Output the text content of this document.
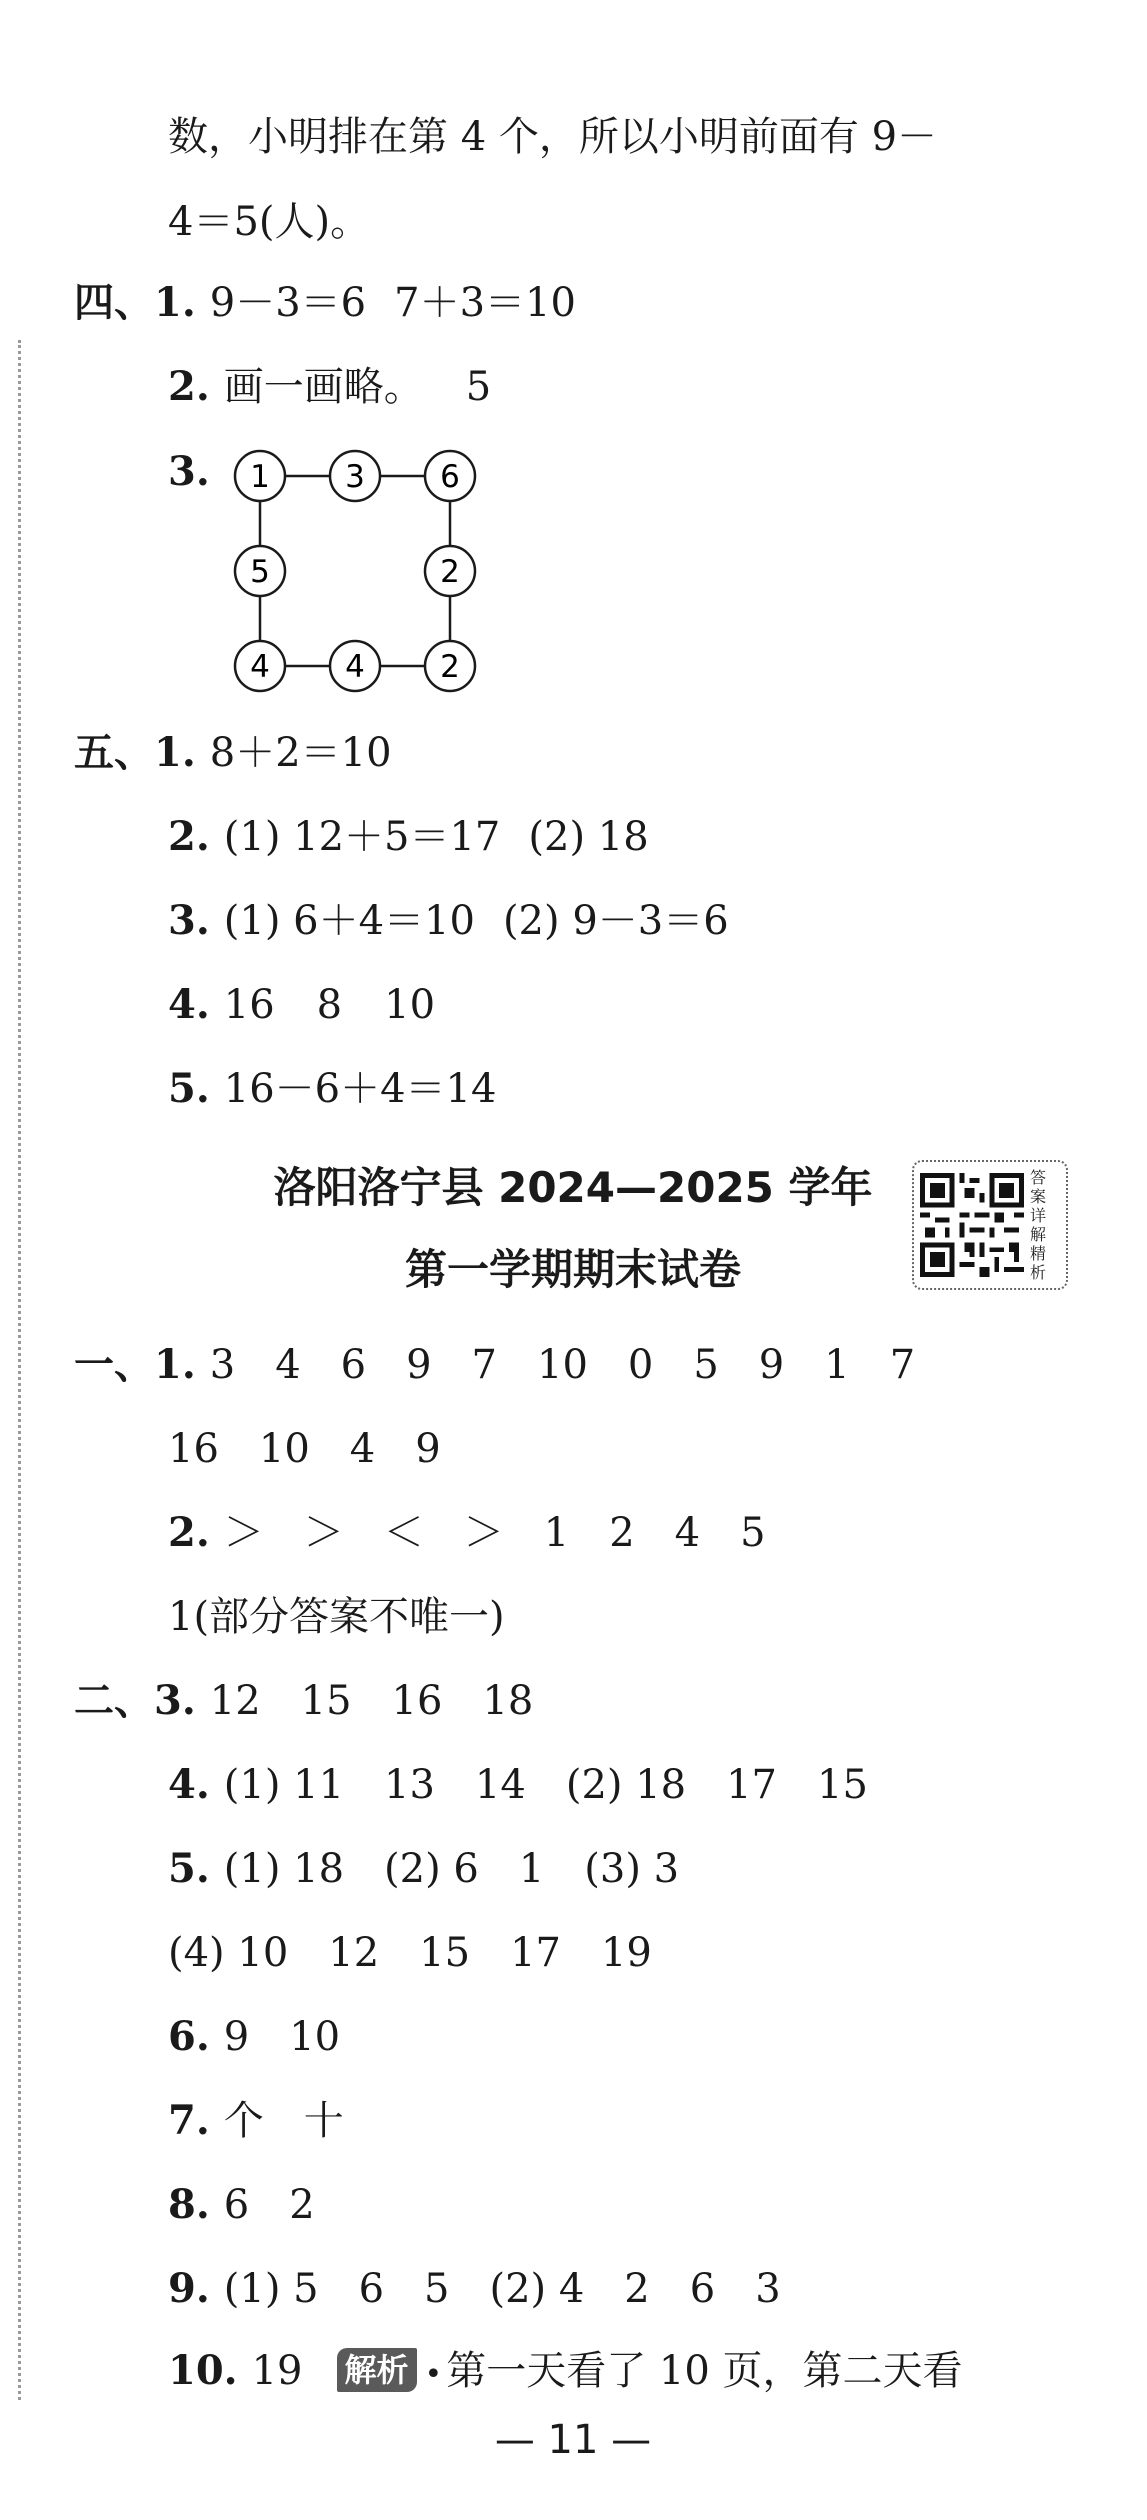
数，小明排在第 4 个，所以小明前面有 9－
4＝5(人)。
四、1. 9－3＝6 7＋3＝10
2. 画一画略。 5
3. 1 3 6
5	2
4 4 2
五、1. 8＋2＝10
2. (1) 12＋5＝17 (2) 18
3. (1) 6＋4＝10 (2) 9－3＝6
4. 16 8 10
5. 16－6＋4＝14
洛阳洛宁县 2024—2025 学年
第一学期期末试卷
答
案
详
解
精
析
一、1. 3　4　6　9　7　10　0　5　9　1　7
16　10　4　9
2. ＞　＞　＜　＞　1　2　4　5
1(部分答案不唯一)
二、3. 12　15　16　18
4. (1) 11　13　14　(2) 18　17　15
5. (1) 18　(2) 6　1　(3) 3
(4) 10　12　15　17　19
6. 9　10
7. 个　十
8. 6　2
9. (1) 5　6　5　(2) 4　2　6　3
10. 19 解析 • 第一天看了 10 页，第二天看
— 11 —
